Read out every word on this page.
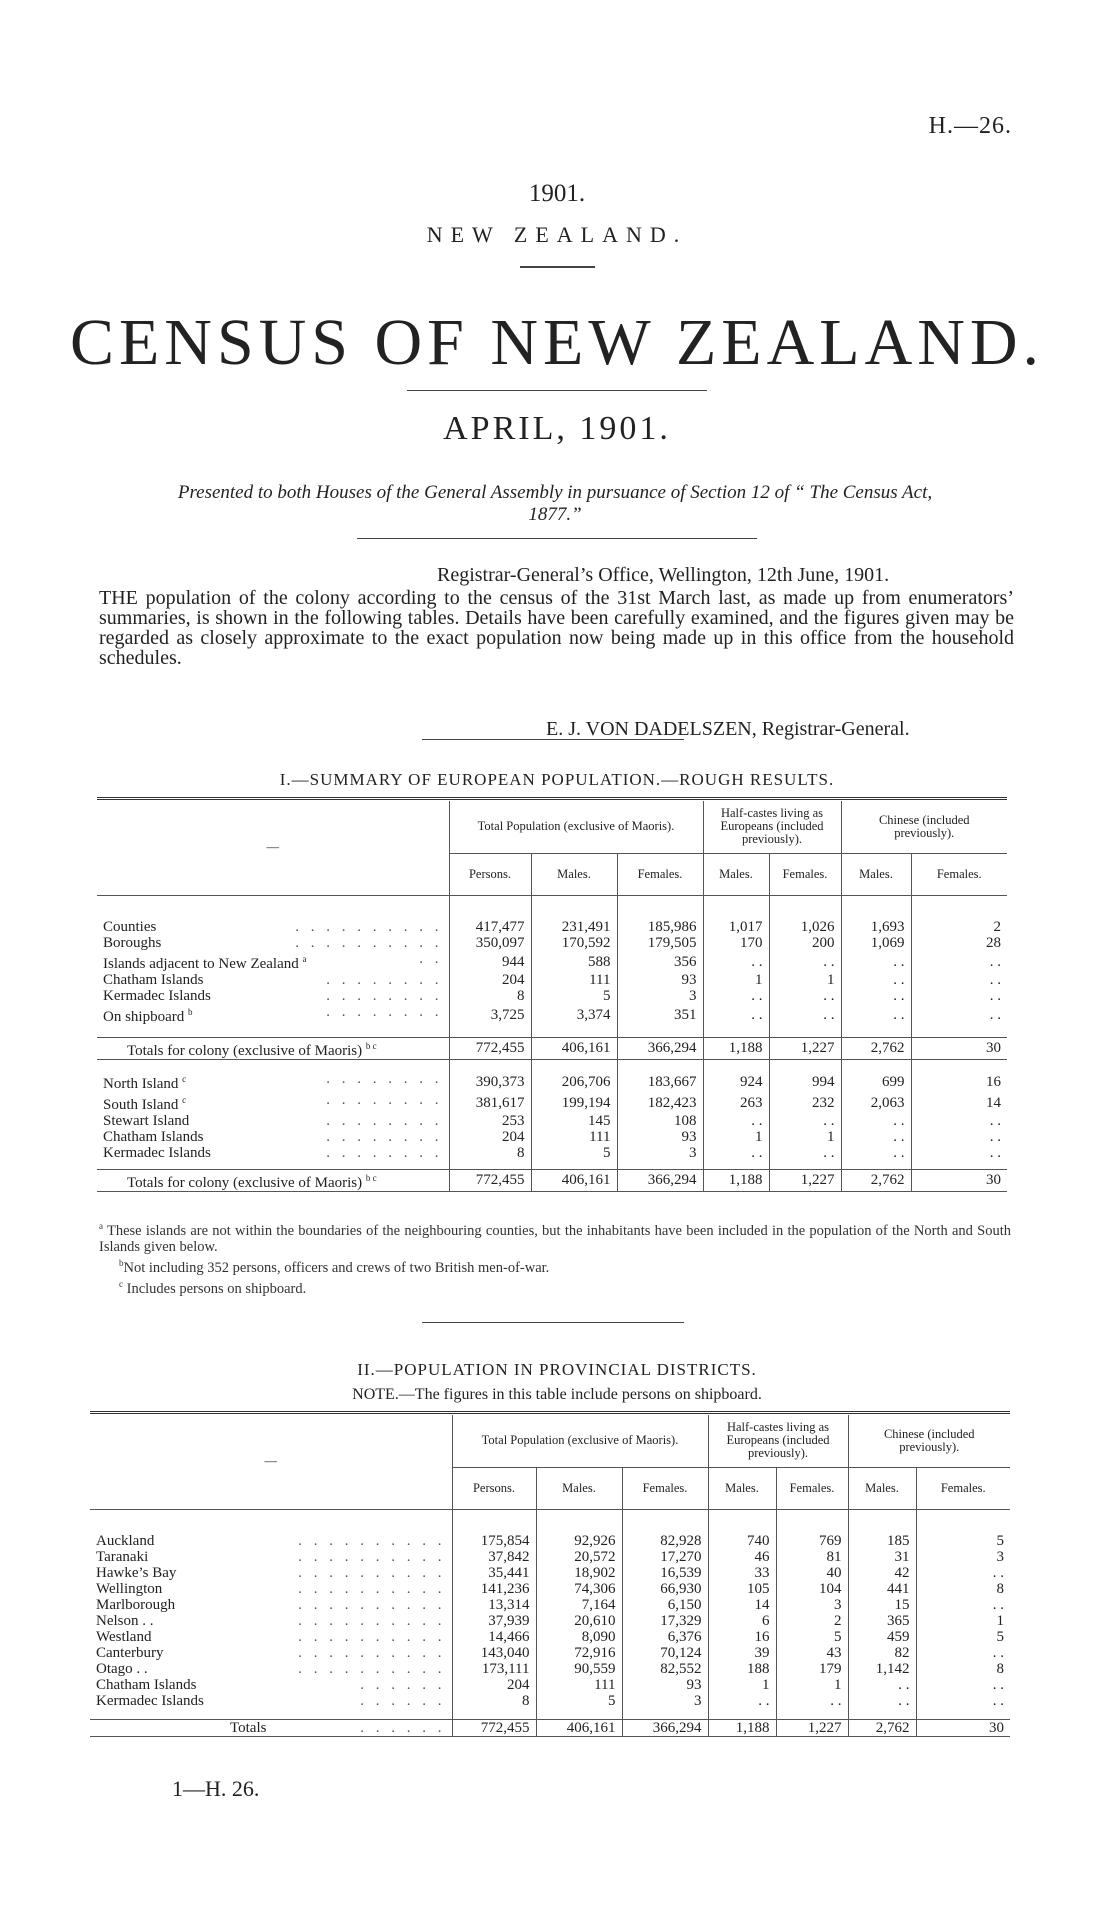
H.—26.
1901.
NEW ZEALAND.
CENSUS OF NEW ZEALAND.
APRIL, 1901.
Presented to both Houses of the General Assembly in pursuance of Section 12 of “ The Census Act, 1877.”
Registrar-General’s Office, Wellington, 12th June, 1901.
THE population of the colony according to the census of the 31st March last, as made up from enumerators’ summaries, is shown in the following tables. Details have been carefully examined, and the figures given may be regarded as closely approximate to the exact population now being made up in this office from the household schedules.
E. J. VON DADELSZEN, Registrar-General.
I.—SUMMARY OF EUROPEAN POPULATION.—ROUGH RESULTS.
—	Total Population (exclusive of Maoris).			Half-castes living as Europeans (included previously).		Chinese (included previously).	
	Persons.	Males.	Females.	Males.	Females.	Males.	Females.

Counties . . . . . . . . . .	417,477	231,491	185,986	1,017	1,026	1,693	2
Boroughs . . . . . . . . . .	350,097	170,592	179,505	170	200	1,069	28
Islands adjacent to New Zealand $^a$ . .	944	588	356	. .	. .	. .	. .
Chatham Islands . . . . . . . .	204	111	93	1	1	. .	. .
Kermadec Islands . . . . . . . .	8	5	3	. .	. .	. .	. .
On shipboard $^b$ . . . . . . . .	3,725	3,374	351	. .	. .	. .	. .

Totals for colony (exclusive of Maoris) $^{b c}$	772,455	406,161	366,294	1,188	1,227	2,762	30

North Island $^c$ . . . . . . . .	390,373	206,706	183,667	924	994	699	16
South Island $^c$ . . . . . . . .	381,617	199,194	182,423	263	232	2,063	14
Stewart Island . . . . . . . .	253	145	108	. .	. .	. .	. .
Chatham Islands . . . . . . . .	204	111	93	1	1	. .	. .
Kermadec Islands . . . . . . . .	8	5	3	. .	. .	. .	. .

Totals for colony (exclusive of Maoris) $^{b c}$	772,455	406,161	366,294	1,188	1,227	2,762	30

$^a$ These islands are not within the boundaries of the neighbouring counties, but the inhabitants have been included in the population of the North and South Islands given below.

$^b$Not including 352 persons, officers and crews of two British men-of-war.

$^c$ Includes persons on shipboard.

II.—POPULATION IN PROVINCIAL DISTRICTS.
NOTE.—The figures in this table include persons on shipboard.
—	Total Population (exclusive of Maoris).			Half-castes living as Europeans (included previously).		Chinese (included previously).	
	Persons.	Males.	Females.	Males.	Females.	Males.	Females.

Auckland . . . . . . . . . .	175,854	92,926	82,928	740	769	185	5
Taranaki . . . . . . . . . .	37,842	20,572	17,270	46	81	31	3
Hawke’s Bay . . . . . . . . . .	35,441	18,902	16,539	33	40	42	. .
Wellington . . . . . . . . . .	141,236	74,306	66,930	105	104	441	8
Marlborough . . . . . . . . . .	13,314	7,164	6,150	14	3	15	. .
Nelson . . . . . . . . . . . .	37,939	20,610	17,329	6	2	365	1
Westland . . . . . . . . . .	14,466	8,090	6,376	16	5	459	5
Canterbury . . . . . . . . . .	143,040	72,916	70,124	39	43	82	. .
Otago . . . . . . . . . . . .	173,111	90,559	82,552	188	179	1,142	8
Chatham Islands . . . . . .	204	111	93	1	1	. .	. .
Kermadec Islands . . . . . .	8	5	3	. .	. .	. .	. .

Totals . . . . . .	772,455	406,161	366,294	1,188	1,227	2,762	30
1—H. 26.
